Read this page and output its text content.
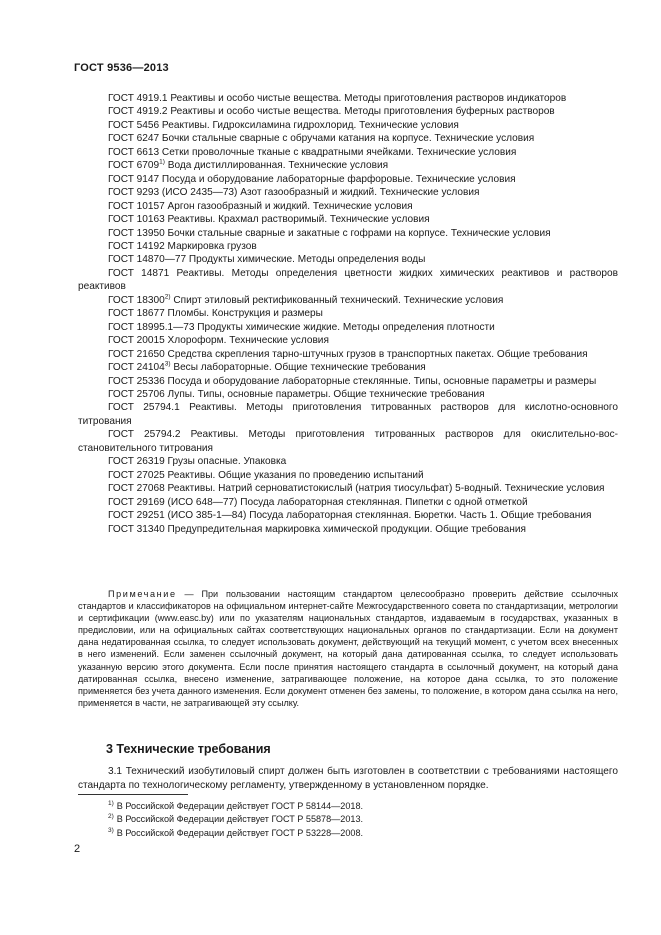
ГОСТ 9536—2013
ГОСТ 4919.1 Реактивы и особо чистые вещества. Методы приготовления растворов индикаторов
ГОСТ 4919.2 Реактивы и особо чистые вещества. Методы приготовления буферных растворов
ГОСТ 5456 Реактивы. Гидроксиламина гидрохлорид. Технические условия
ГОСТ 6247 Бочки стальные сварные с обручами катания на корпусе. Технические условия
ГОСТ 6613 Сетки проволочные тканые с квадратными ячейками. Технические условия
ГОСТ 6709$^{1)}$ Вода дистиллированная. Технические условия
ГОСТ 9147 Посуда и оборудование лабораторные фарфоровые. Технические условия
ГОСТ 9293 (ИСО 2435—73) Азот газообразный и жидкий. Технические условия
ГОСТ 10157 Аргон газообразный и жидкий. Технические условия
ГОСТ 10163 Реактивы. Крахмал растворимый. Технические условия
ГОСТ 13950 Бочки стальные сварные и закатные с гофрами на корпусе. Технические условия
ГОСТ 14192 Маркировка грузов
ГОСТ 14870—77 Продукты химические. Методы определения воды
ГОСТ 14871 Реактивы. Методы определения цветности жидких химических реактивов и растворов реактивов
ГОСТ 18300$^{2)}$ Спирт этиловый ректификованный технический. Технические условия
ГОСТ 18677 Пломбы. Конструкция и размеры
ГОСТ 18995.1—73 Продукты химические жидкие. Методы определения плотности
ГОСТ 20015 Хлороформ. Технические условия
ГОСТ 21650 Средства скрепления тарно-штучных грузов в транспортных пакетах. Общие требования
ГОСТ 24104$^{3)}$ Весы лабораторные. Общие технические требования
ГОСТ 25336 Посуда и оборудование лабораторные стеклянные. Типы, основные параметры и размеры
ГОСТ 25706 Лупы. Типы, основные параметры. Общие технические требования
ГОСТ 25794.1 Реактивы. Методы приготовления титрованных растворов для кислотно-основного титрования
ГОСТ 25794.2 Реактивы. Методы приготовления титрованных растворов для окислительно-восстановительного титрования
ГОСТ 26319 Грузы опасные. Упаковка
ГОСТ 27025 Реактивы. Общие указания по проведению испытаний
ГОСТ 27068 Реактивы. Натрий серноватистокислый (натрия тиосульфат) 5-водный. Технические условия
ГОСТ 29169 (ИСО 648—77) Посуда лабораторная стеклянная. Пипетки с одной отметкой
ГОСТ 29251 (ИСО 385-1—84) Посуда лабораторная стеклянная. Бюретки. Часть 1. Общие требования
ГОСТ 31340 Предупредительная маркировка химической продукции. Общие требования
Примечание — При пользовании настоящим стандартом целесообразно проверить действие ссылочных стандартов и классификаторов на официальном интернет-сайте Межгосударственного совета по стандартизации, метрологии и сертификации (www.easc.by) или по указателям национальных стандартов, издаваемым в государствах, указанных в предисловии, или на официальных сайтах соответствующих национальных органов по стандартизации. Если на документ дана недатированная ссылка, то следует использовать документ, действующий на текущий момент, с учетом всех внесенных в него изменений. Если заменен ссылочный документ, на который дана датированная ссылка, то следует использовать указанную версию этого документа. Если после принятия настоящего стандарта в ссылочный документ, на который дана датированная ссылка, внесено изменение, затрагивающее положение, на которое дана ссылка, то это положение применяется без учета данного изменения. Если документ отменен без замены, то положение, в котором дана ссылка на него, применяется в части, не затрагивающей эту ссылку.
3 Технические требования
3.1 Технический изобутиловый спирт должен быть изготовлен в соответствии с требованиями настоящего стандарта по технологическому регламенту, утвержденному в установленном порядке.
$^{1)}$ В Российской Федерации действует ГОСТ Р 58144—2018.
$^{2)}$ В Российской Федерации действует ГОСТ Р 55878—2013.
$^{3)}$ В Российской Федерации действует ГОСТ Р 53228—2008.
2
